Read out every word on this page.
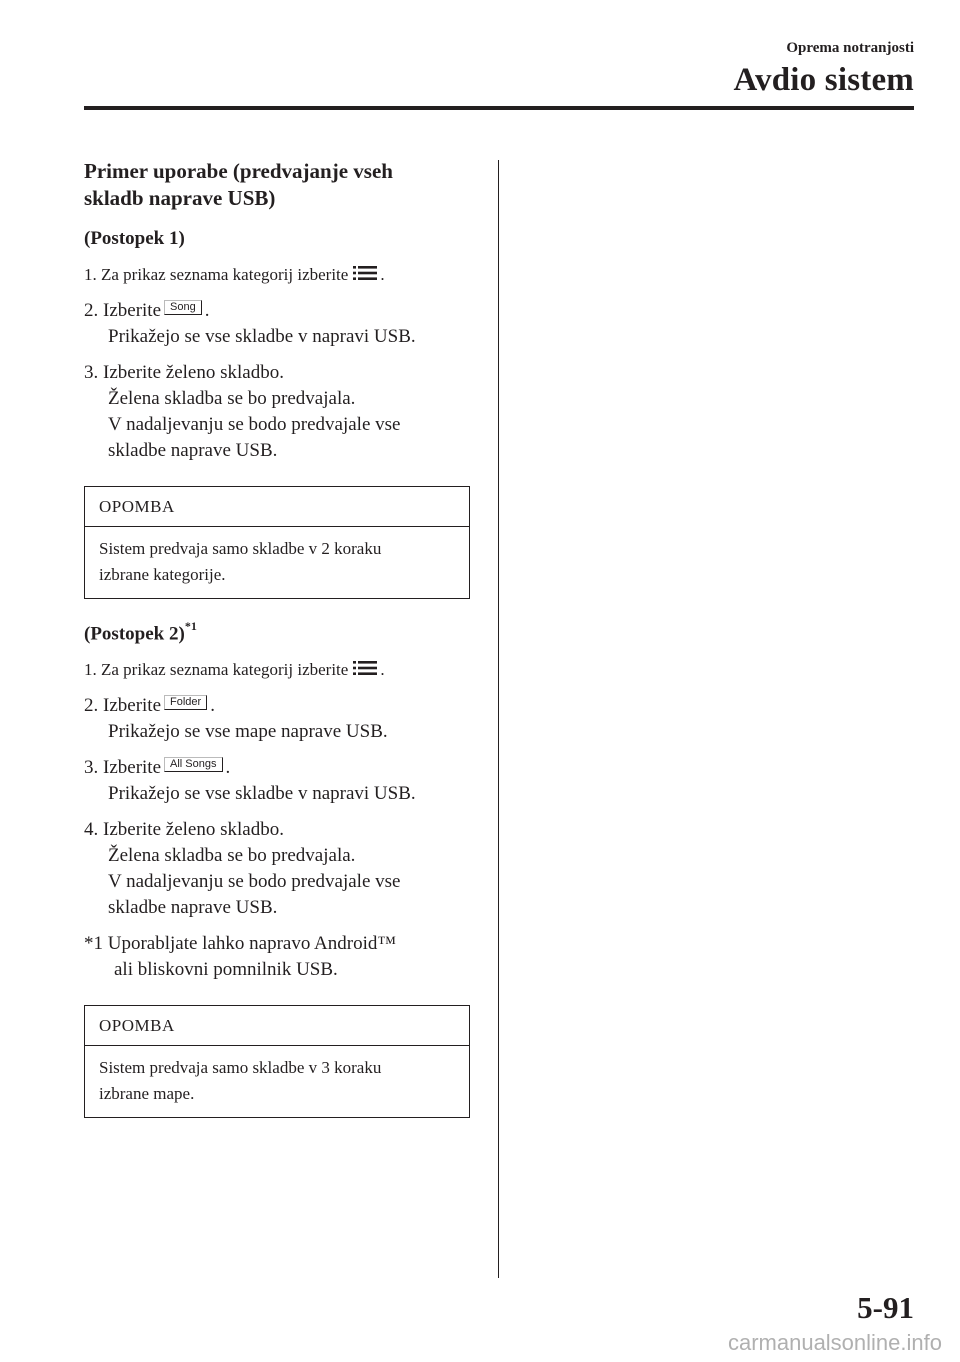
Oprema notranjosti
Avdio sistem
Primer uporabe (predvajanje vseh
skladb naprave USB)
(Postopek 1)
1. Za prikaz seznama kategorij izberite .
2. Izberite Song .
Prikažejo se vse skladbe v napravi USB.
3. Izberite želeno skladbo.
Želena skladba se bo predvajala.
V nadaljevanju se bodo predvajale vse
skladbe naprave USB.
OPOMBA
Sistem predvaja samo skladbe v 2 koraku
izbrane kategorije.
(Postopek 2)$^{*1}$
1. Za prikaz seznama kategorij izberite .
2. Izberite Folder .
Prikažejo se vse mape naprave USB.
3. Izberite All Songs .
Prikažejo se vse skladbe v napravi USB.
4. Izberite želeno skladbo.
Želena skladba se bo predvajala.
V nadaljevanju se bodo predvajale vse
skladbe naprave USB.
*1 Uporabljate lahko napravo Android™
ali bliskovni pomnilnik USB.
OPOMBA
Sistem predvaja samo skladbe v 3 koraku
izbrane mape.
5-91
carmanualsonline.info
